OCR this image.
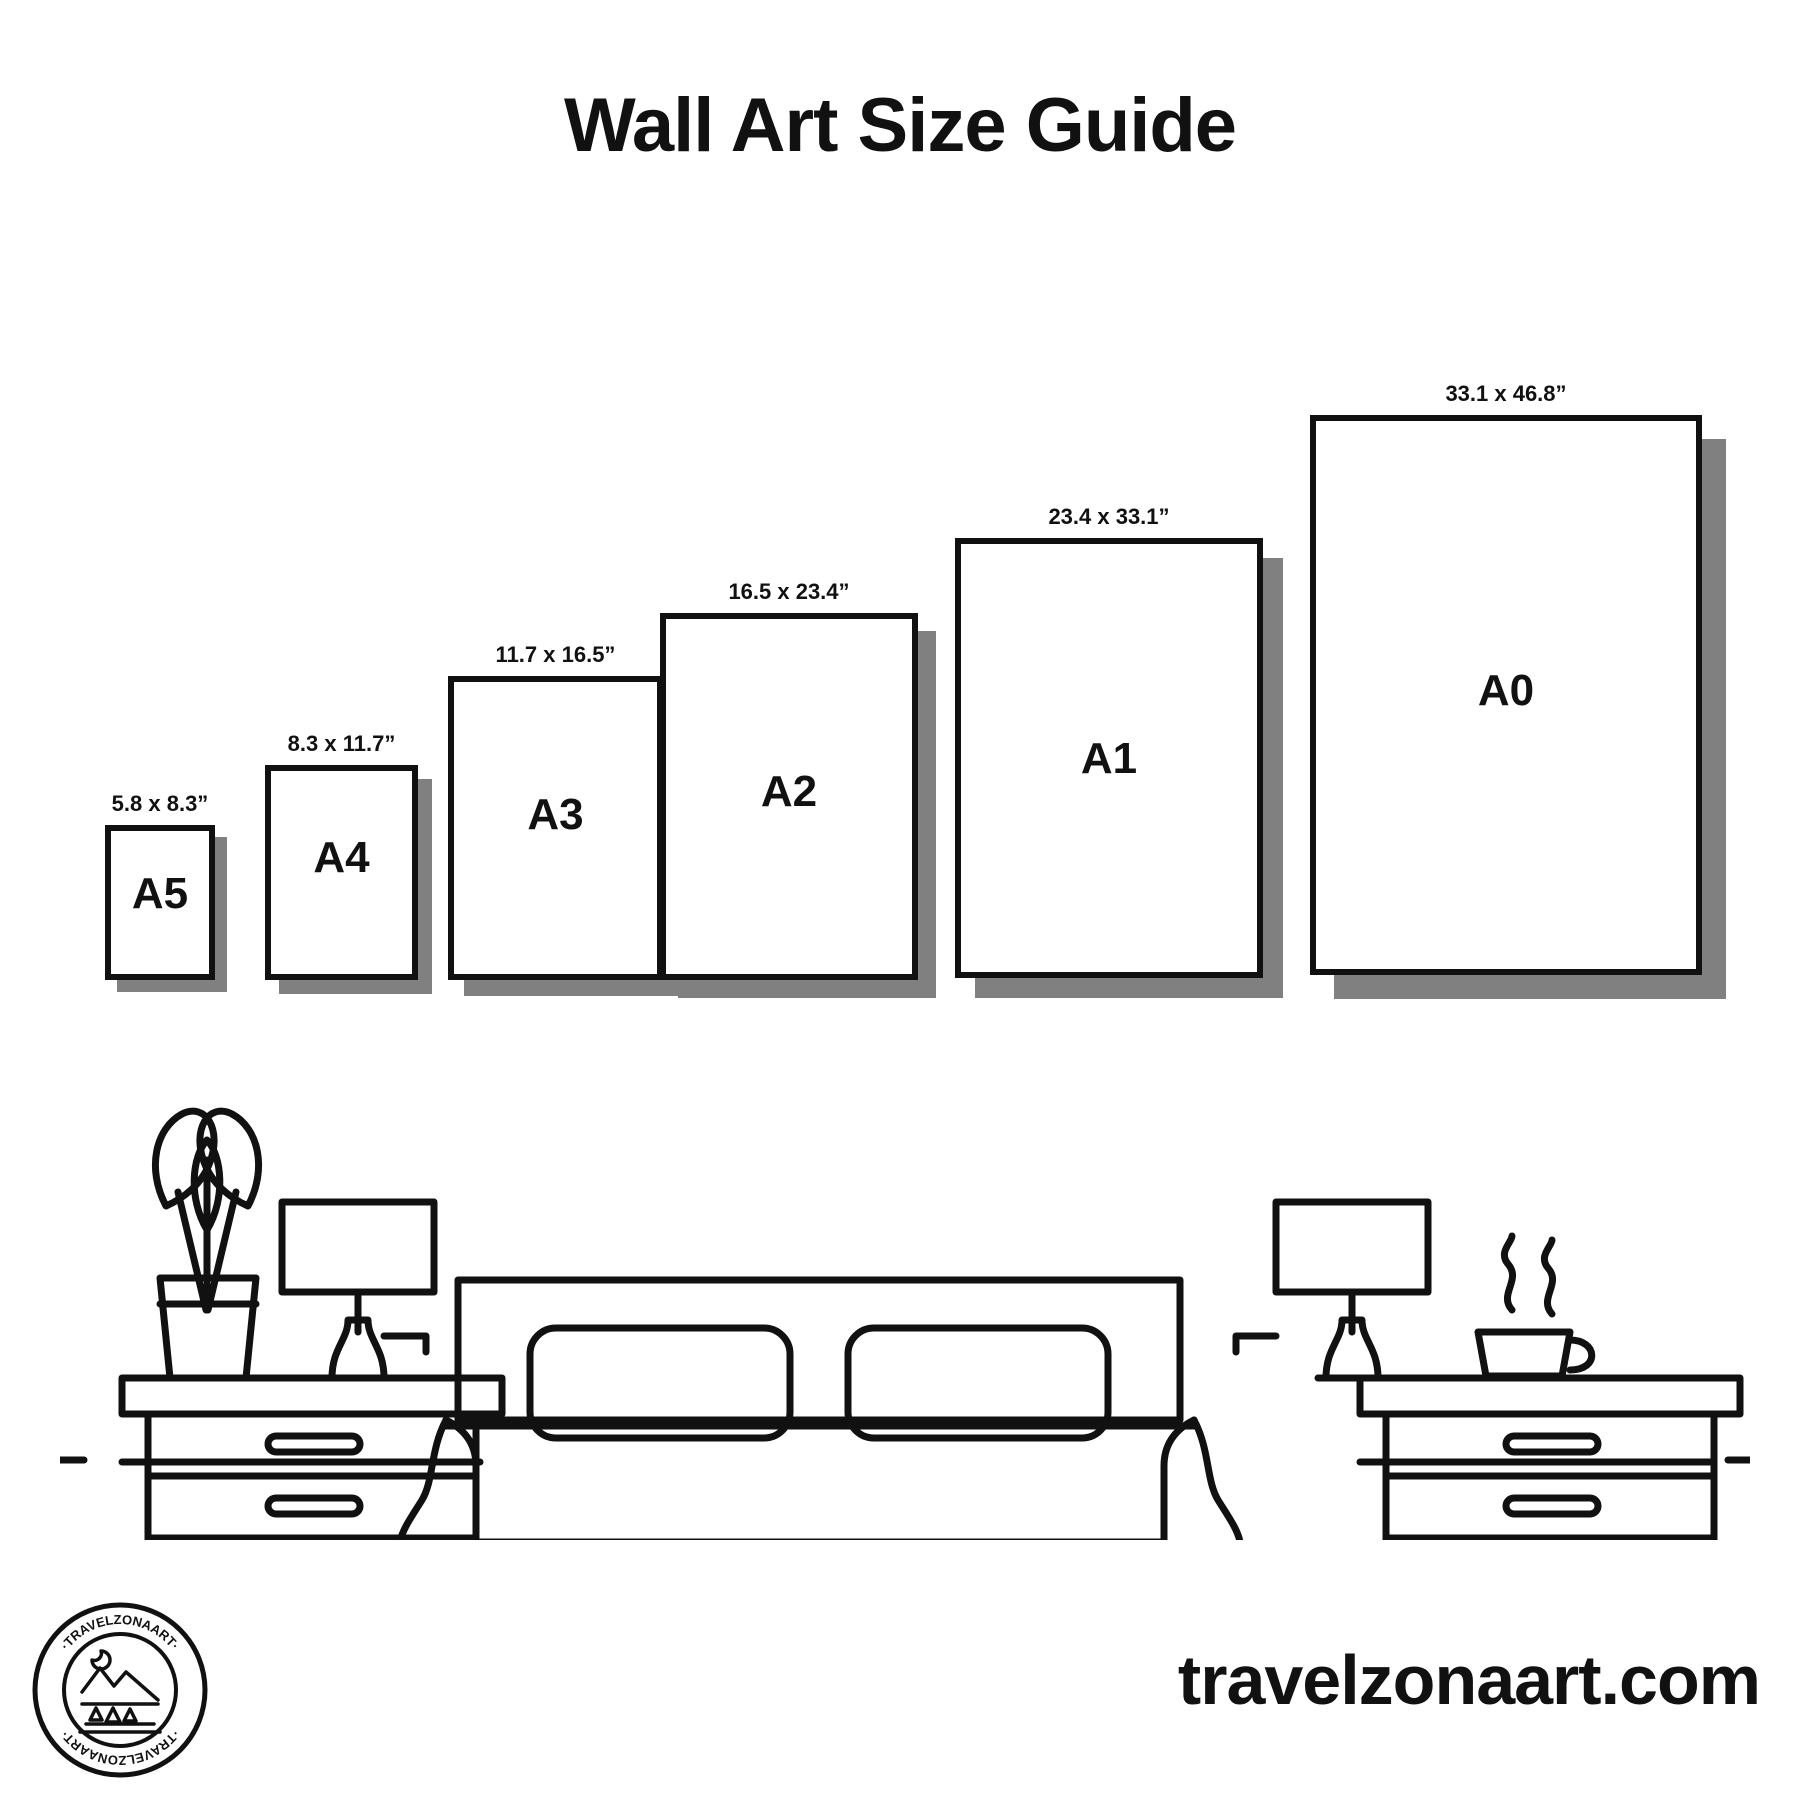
Wall Art Size Guide
5.8 x 8.3”
A5
8.3 x 11.7”
A4
11.7 x 16.5”
A3
16.5 x 23.4”
A2
23.4 x 33.1”
A1
33.1 x 46.8”
A0
·TRAVELZONAART·
·TRAVELZONAART·
travelzonaart.com
